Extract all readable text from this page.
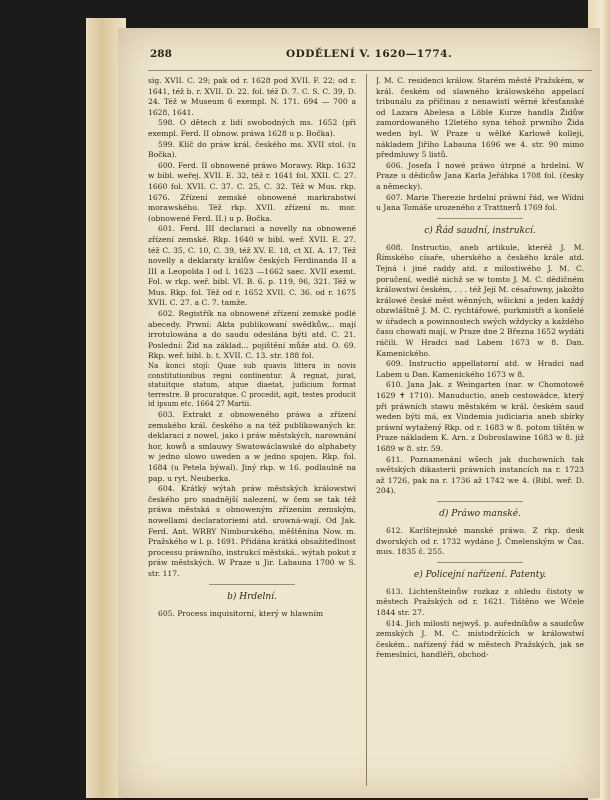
288	ODDĚLENÍ V. 1620—1774.

sig. XVII. C. 29; pak od r. 1628 pod XVII. F. 22; od r. 1641, též b. r. XVII. D. 22. fol. též D. 7. C. S. C. 39, D. 24. Též w Museum 6 exempl. N. 171. 694 — 700 a 1628, 1641.

598. O dětech z lidí swobodných ms. 1652 (při exempl. Ferd. II obnow. práwa 1628 u p. Bočka).

599. Klíč do práw král. českého ms. XVII stol. (u Bočka).

600. Ferd. II obnowené práwo Morawy. Rkp. 1632 w bibl. weřej. XVII. E. 32, též r. 1641 fol. XXII. C. 27. 1660 fol. XVII. C. 37. C. 25, C. 32. Též w Mus. rkp. 1676. Zřízení zemské obnowené markrabstwí morawského. Též rkp. XVII. zřízení m. mor. (obnowené Ferd. II.) u p. Bočka.

601. Ferd. III declaraci a novelly na obnowené zřízení zemské. Rkp. 1640 w bibl. weř. XVII. E. 27. též C. 35, C. 10, C. 39, též XV. E. 18, ct XI. A. 17. Též novelly a deklaraty králůw českých Ferdinanda II a III a Leopolda I od l. 1623 —1662 saec. XVII exemt. Fol. w rkp. weř. bibl. VI. B. 6. p. 119, 96, 321. Též w Mus. Rkp. fol. Též od r. 1652 XVII. C. 36. od r. 1675 XVII. C. 27. a C. 7. tamže.

602. Registřík na obnowené zřízení zemské podlé abecedy. Prwní: Akta publikowaní swědkůw,.. mají irrotulowána a do saudu odeslána býti atd. C. 21. Poslední: Žid na základ... pojištění může atd. O. 69. Rkp. weř. bibl. b. t. XVII. C. 13. str. 188 fol.

Na konci stojí: Quae sub quavis littera in novis constitutionibus regni continentur. A regnat, jurat, statuitque statum, atque diaetat, judicium format terrestre. B procuratque. C procedit, agit, testes producit id ipsum etc. 1664 27 Martii.

603. Extrakt z obnoweného práwa a zřízení zemského král. českého a na též publikowaných kr. deklaraci z nowel, jako i práw městských, narownání hor, kowů a smlauwy Swatowáclawské do alphabety w jedno slowo uweden a w jedno spojen. Rkp. fol. 1684 (u Petela býwal). Jiný rkp. w 16. podlaulně na pap. u ryt. Neuberka.

604. Krátký wýtah práw městských králowstwí českého pro snadnější nalezení, w čem se tak též práwa městská s obnoweným zřízením zemským, nowellami declaratoriemi atd. srowná-wají. Od Jak. Ferd. Ant. WRBY Nimburského, měštěnína Now. m. Pražského w l. p. 1691. Přidána krátká obsažitedlnost processu práwního, instrukcí městská.. wýtah pokut z práw městských. W Praze u Jir. Labauna 1700 w S. str. 117.

b) Hrdelní.

605. Process inquisitorní, který w hlawním

J. M. C. residenci králow. Starém městě Pražském, w král. českém od slawného králowského appelací tribunálu za příčinau z nenawistí wěrné křesťanské od Lazara Abelesa a Löble Kurze handla Židůw zamordowaného 12letého syna téhož prwního Žida weden byl. W Praze u wělké Karlowě kolleji, nákladem Jiřího Labauna 1696 we 4. str. 90 mimo předmluwy 5 listů.

606. Josefa I nowé práwo útrpné a hrdelní. W Praze u dědicůw Jana Karla Jeřábka 1708 fol. (česky a německy).

607. Marie Therezie hrdelní práwní řád, we Wídni u Jana Tomáše urozeného z Trattnerů 1769 fol.

c) Řád saudní, instrukcí.

608. Instructio, aneb artikule, kteréž J. M. Římského císaře, uherského a českého krále atd. Tejná i jiné raddy atd. z milostiwého J. M. C. poručení, wedlé nichž se w tomto J. M. C. dědičném králowstwí českém, . . . též Její M. césařowny, jakožto králowé české měst wěnných, wšickni a jeden každý obzwláštně J. M. C. rychtářowé, purkmistři a konšelé w úřadech a powinnostech swých wždycky a každého času chowati mají, w Praze dne 2 Března 1652 wydáti ráčili. W Hradci nad Labem 1673 w 8. Dan. Kamenického.

609. Instructio appellatorní atd. w Hradci nad Labem u Dan. Kamenického 1673 w 8.

610. Jana Jak. z Weingarten (nar. w Chomotowě 1629 ✝ 1710). Manuductio, aneb cestowádce, který při práwních stawu městském w král. českém saud weden býti má, ex Vindemia judiciaria aneb sbírky práwní wytažený Rkp. od r. 1683 w 8. potom tištěn w Praze nákladem K. Arn. z Dobroslawine 1683 w 8. již 1689 w 8. str. 59.

611. Poznamenání wšech jak duchowních tak swětských dikasterii práwních instancích na r. 1723 až 1726, pak na r. 1736 až 1742 we 4. (Bibl. weř. D. 204).

d) Práwo manské.

612. Karlštejnské manské práwo. Z rkp. desk dworských od r. 1732 wydáno J. Čmelenským w Čas. mus. 1835 č. 255.

e) Policejní nařízení. Patenty.

613. Lichtenšteinůw rozkaz z ohledu čistoty w městech Pražských od r. 1621. Tištěno we Wčele 1844 str. 27.

614. Jich milosti nejwyš. p. auředníkůw a saudcůw zemských J. M. C. místodržících w králowstwí českém.. nařízený řád w městech Pražských, jak se řemeslníci, handléři, obchod-
